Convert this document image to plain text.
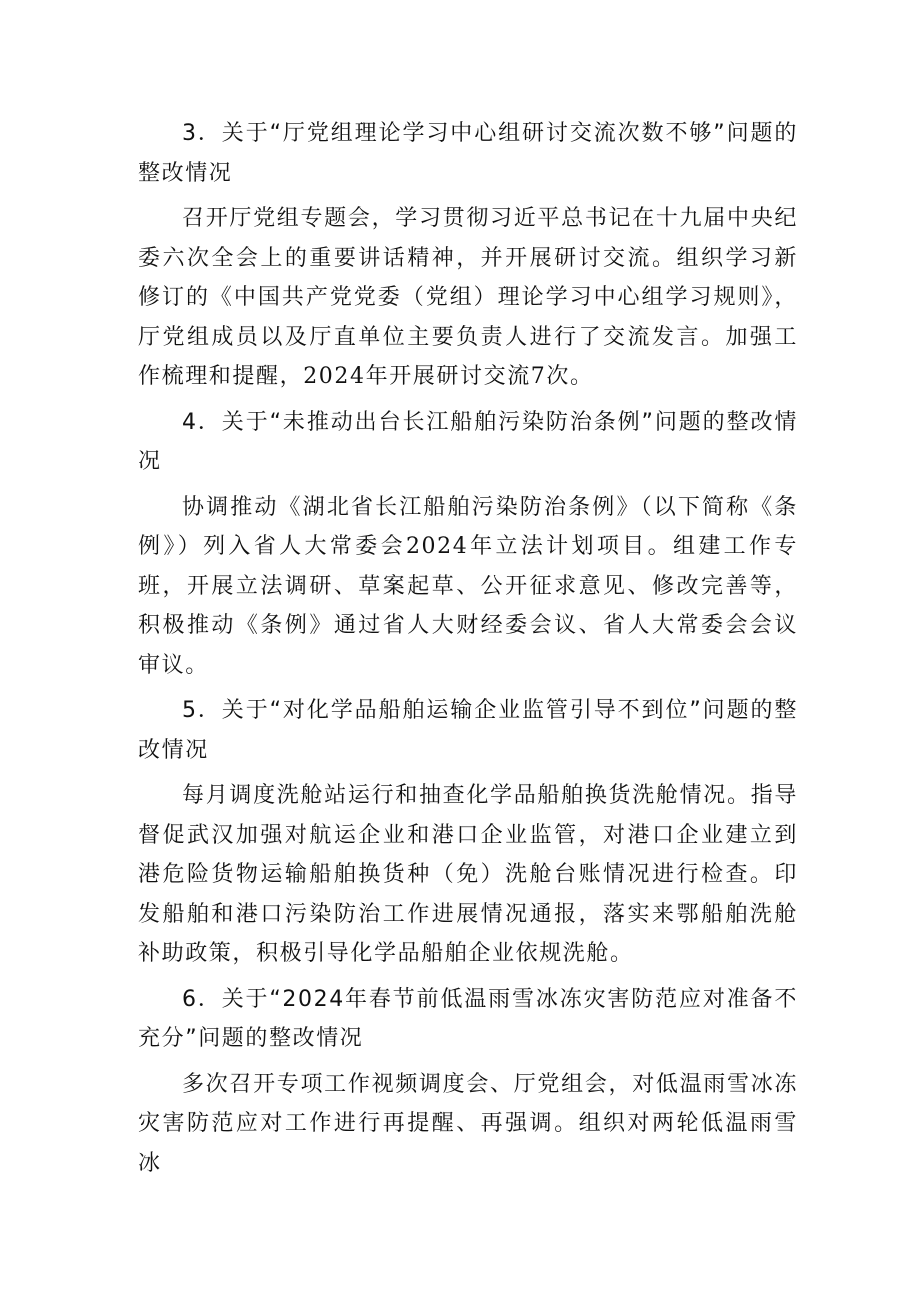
3．关于“厅党组理论学习中心组研讨交流次数不够”问题的整改情况

召开厅党组专题会，学习贯彻习近平总书记在十九届中央纪委六次全会上的重要讲话精神，并开展研讨交流。组织学习新修订的《中国共产党党委（党组）理论学习中心组学习规则》，厅党组成员以及厅直单位主要负责人进行了交流发言。加强工作梳理和提醒，2024年开展研讨交流7次。

4．关于“未推动出台长江船舶污染防治条例”问题的整改情况

协调推动《湖北省长江船舶污染防治条例》（以下简称《条例》）列入省人大常委会2024年立法计划项目。组建工作专班，开展立法调研、草案起草、公开征求意见、修改完善等，积极推动《条例》通过省人大财经委会议、省人大常委会会议审议。

5．关于“对化学品船舶运输企业监管引导不到位”问题的整改情况

每月调度洗舱站运行和抽查化学品船舶换货洗舱情况。指导督促武汉加强对航运企业和港口企业监管，对港口企业建立到港危险货物运输船舶换货种（免）洗舱台账情况进行检查。印发船舶和港口污染防治工作进展情况通报，落实来鄂船舶洗舱补助政策，积极引导化学品船舶企业依规洗舱。

6．关于“2024年春节前低温雨雪冰冻灾害防范应对准备不充分”问题的整改情况

多次召开专项工作视频调度会、厅党组会，对低温雨雪冰冻灾害防范应对工作进行再提醒、再强调。组织对两轮低温雨雪冰
